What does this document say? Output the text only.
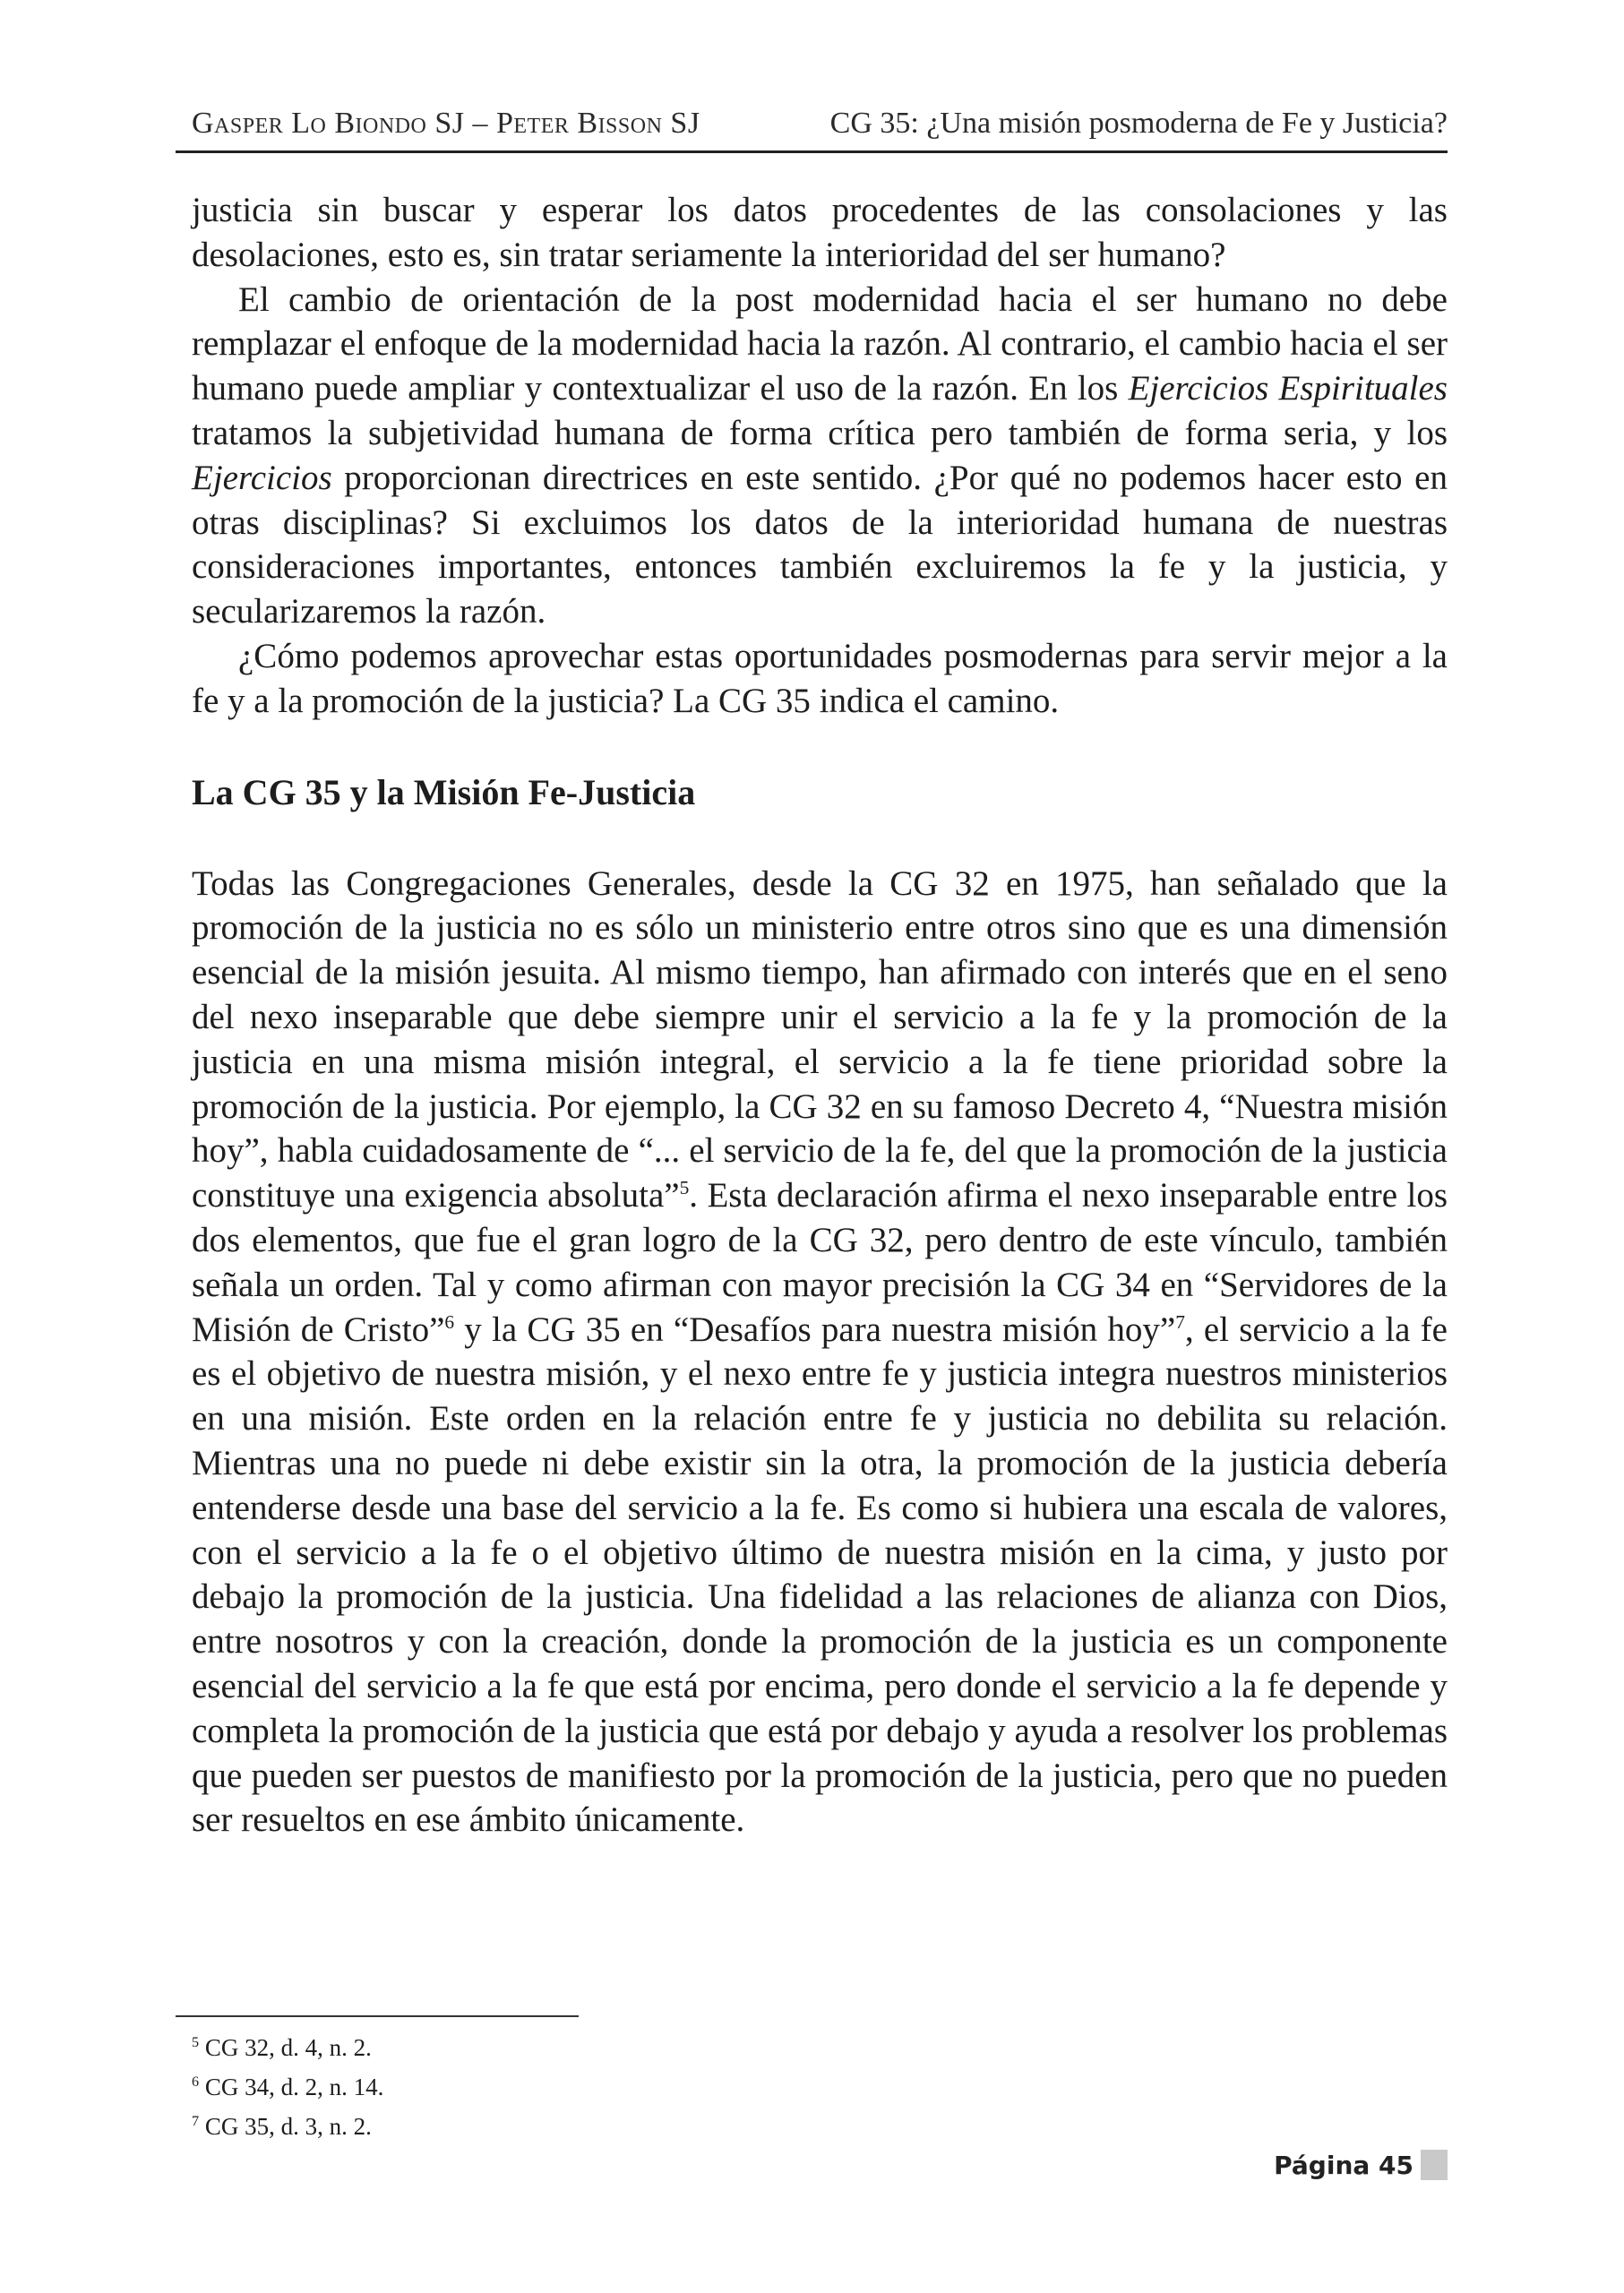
Gasper Lo Biondo SJ – Peter Bisson SJ	CG 35: ¿Una misión posmoderna de Fe y Justicia?

justicia sin buscar y esperar los datos procedentes de las consolaciones y las desolaciones, esto es, sin tratar seriamente la interioridad del ser humano?

El cambio de orientación de la post modernidad hacia el ser humano no debe remplazar el enfoque de la modernidad hacia la razón. Al contrario, el cambio hacia el ser humano puede ampliar y contextualizar el uso de la razón. En los Ejercicios Espirituales tratamos la subjetividad humana de forma crítica pero también de forma seria, y los Ejercicios proporcionan directrices en este sentido. ¿Por qué no podemos hacer esto en otras disciplinas? Si excluimos los datos de la interioridad humana de nuestras consideraciones importantes, entonces también excluiremos la fe y la justicia, y secularizaremos la razón.

¿Cómo podemos aprovechar estas oportunidades posmodernas para servir mejor a la fe y a la promoción de la justicia? La CG 35 indica el camino.

La CG 35 y la Misión Fe-Justicia

Todas las Congregaciones Generales, desde la CG 32 en 1975, han señalado que la promoción de la justicia no es sólo un ministerio entre otros sino que es una dimensión esencial de la misión jesuita. Al mismo tiempo, han afirmado con interés que en el seno del nexo inseparable que debe siempre unir el servicio a la fe y la promoción de la justicia en una misma misión integral, el servicio a la fe tiene prioridad sobre la promoción de la justicia. Por ejemplo, la CG 32 en su famoso Decreto 4, “Nuestra misión hoy”, habla cuidadosamente de “... el servicio de la fe, del que la promoción de la justicia constituye una exigencia absoluta”$^5$. Esta declaración afirma el nexo inseparable entre los dos elementos, que fue el gran logro de la CG 32, pero dentro de este vínculo, también señala un orden. Tal y como afirman con mayor precisión la CG 34 en “Servidores de la Misión de Cristo”$^6$ y la CG 35 en “Desafíos para nuestra misión hoy”$^7$, el servicio a la fe es el objetivo de nuestra misión, y el nexo entre fe y justicia integra nuestros ministerios en una misión. Este orden en la relación entre fe y justicia no debilita su relación. Mientras una no puede ni debe existir sin la otra, la promoción de la justicia debería entenderse desde una base del servicio a la fe. Es como si hubiera una escala de valores, con el servicio a la fe o el objetivo último de nuestra misión en la cima, y justo por debajo la promoción de la justicia. Una fidelidad a las relaciones de alianza con Dios, entre nosotros y con la creación, donde la promoción de la justicia es un componente esencial del servicio a la fe que está por encima, pero donde el servicio a la fe depende y completa la promoción de la justicia que está por debajo y ayuda a resolver los problemas que pueden ser puestos de manifiesto por la promoción de la justicia, pero que no pueden ser resueltos en ese ámbito únicamente.

$^5$ CG 32, d. 4, n. 2.
$^6$ CG 34, d. 2, n. 14.
$^7$ CG 35, d. 3, n. 2.
Página 45
